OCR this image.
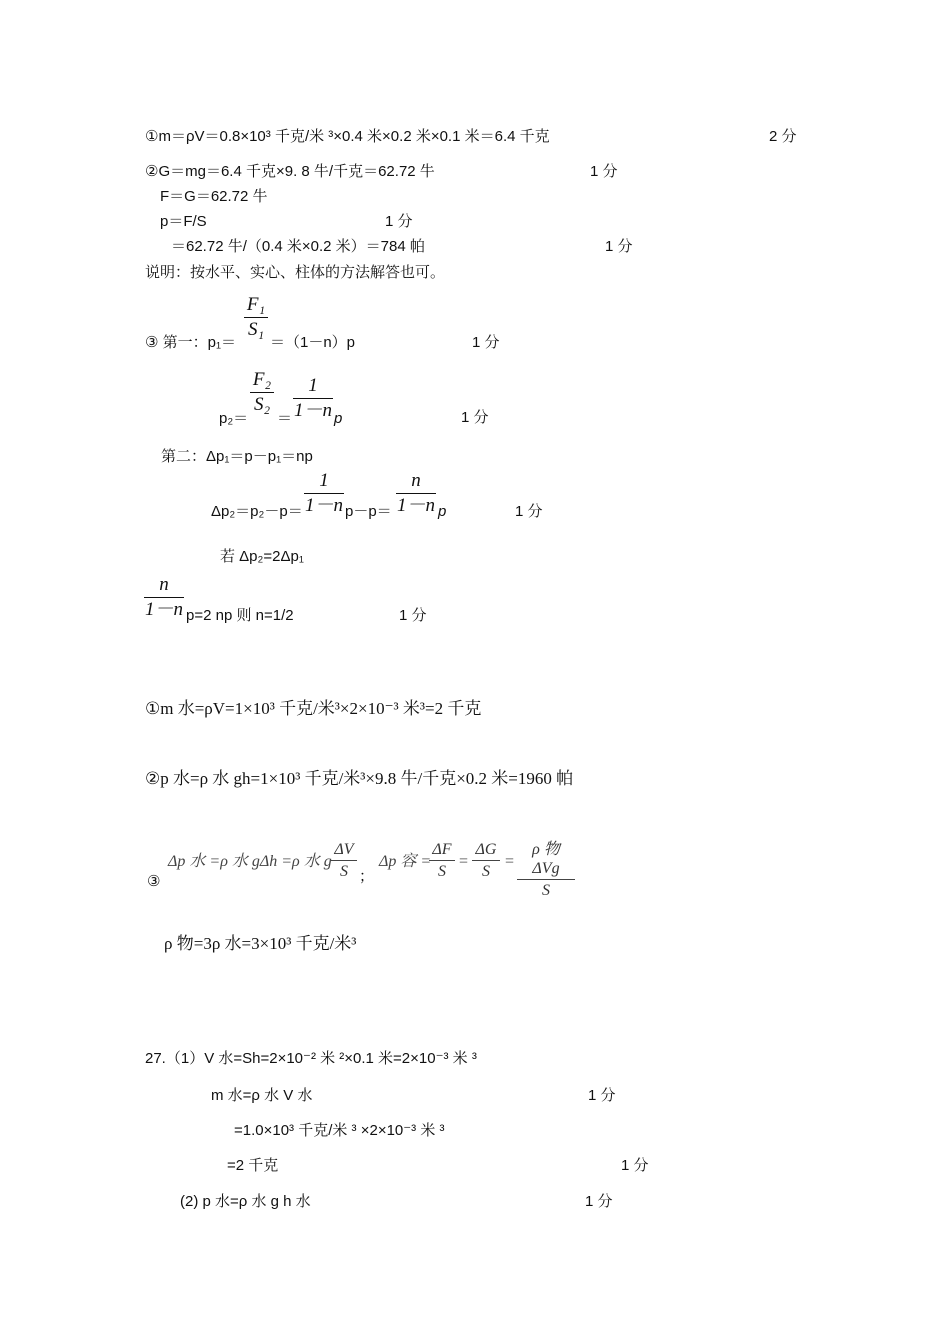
①m＝ρV＝0.8×10³ 千克/米 ³×0.4 米×0.2 米×0.1 米＝6.4 千克	2 分
②G＝mg＝6.4 千克×9. 8 牛/千克＝62.72 牛	1 分
F＝G＝62.72 牛
p＝F/S	1 分
＝62.72 牛/（0.4 米×0.2 米）＝784 帕	1 分
说明：按水平、实心、柱体的方法解答也可。
③ 第一：p₁＝
F₁
S₁
＝（1－n）p	1 分
p₂＝
F₂
S₂
＝
1
1－n p	1 分
第二：Δp₁＝p－p₁＝np
Δp₂＝p₂－p＝
1
1－n p－p＝
n
1－n p	1 分
若 Δp₂=2Δp₁
n
1－n p=2 np 则 n=1/2	1 分
①m 水=ρV=1×10³ 千克/米³×2×10⁻³ 米³=2 千克
②p 水=ρ 水 gh=1×10³ 千克/米³×9.8 牛/千克×0.2 米=1960 帕
③
Δp 水 =ρ 水 gΔh =ρ 水 g
ΔV
S ；
Δp 容 =
ΔF
S
=
ΔG
S
=
ρ 物 ΔVg
S
ρ 物=3ρ 水=3×10³ 千克/米³
27.（1）V 水=Sh=2×10⁻² 米 ²×0.1 米=2×10⁻³ 米 ³
m 水=ρ 水 V 水	1 分
=1.0×10³ 千克/米 ³ ×2×10⁻³ 米 ³
=2 千克	1 分
(2) p 水=ρ 水 g h 水	1 分
